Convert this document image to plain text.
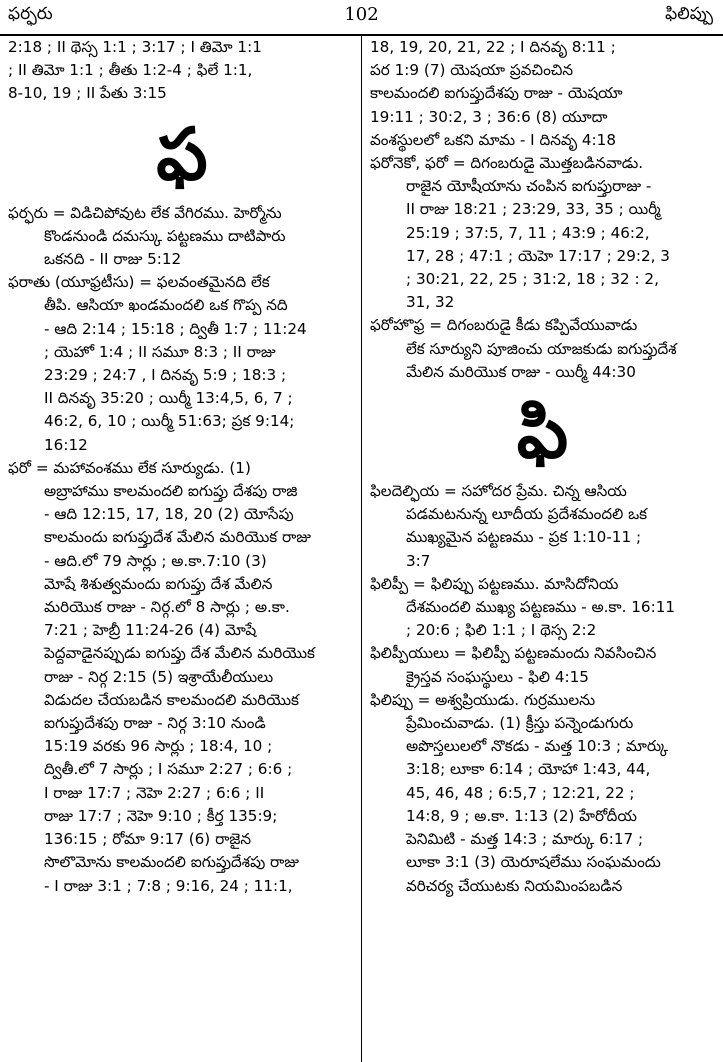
ఫర్ఫరు	102	ఫిలిప్పు
2:18 ; II థెస్స 1:1 ; 3:17 ; I తిమో 1:1
; II తిమో 1:1 ; తీతు 1:2-4 ; ఫిలే 1:1,
8-10, 19 ; II పేతు 3:15
ఫ
ఫర్ఫరు = విడిచిపోవుట లేక వేగిరము. హెర్మోను
కొండనుండి దమస్కు పట్టణము దాటిపారు
ఒకనది - II రాజు 5:12
ఫరాతు (యూఫ్రటీసు) = ఫలవంతమైనది లేక
తీపి. ఆసియా ఖండమందలి ఒక గొప్ప నది
- ఆది 2:14 ; 15:18 ; ద్వితీ 1:7 ; 11:24
; యెహో 1:4 ; II సమూ 8:3 ; II రాజు
23:29 ; 24:7 , I దినవృ 5:9 ; 18:3 ;
II దినవృ 35:20 ; యిర్మీ 13:4,5, 6, 7 ;
46:2, 6, 10 ; యిర్మీ 51:63; ప్రక 9:14;
16:12
ఫరో = మహావంశము లేక సూర్యుడు. (1)
అబ్రాహాము కాలమందలి ఐగుప్తు దేశపు రాజి
- ఆది 12:15, 17, 18, 20 (2) యోసేపు
కాలమందు ఐగుప్తుదేశ మేలిన మరియొక రాజు
- ఆది.లో 79 సార్లు ; అ.కా.7:10 (3)
మోషే శిశుత్వమందు ఐగుప్తు దేశ మేలిన
మరియొక రాజు - నిర్గ.లో 8 సార్లు ; అ.కా.
7:21 ; హెబ్రీ 11:24-26 (4) మోషే
పెద్దవాడైనప్పుడు ఐగుప్తు దేశ మేలిన మరియొక
రాజు - నిర్గ 2:15 (5) ఇశ్రాయేలీయులు
విడుదల చేయబడిన కాలమందలి మరియొక
ఐగుప్తుదేశపు రాజు - నిర్గ 3:10 నుండి
15:19 వరకు 96 సార్లు ; 18:4, 10 ;
ద్వితీ.లో 7 సార్లు ; I సమూ 2:27 ; 6:6 ;
I రాజు 17:7 ; నెహె 2:27 ; 6:6 ; II
రాజు 17:7 ; నెహె 9:10 ; కీర్త 135:9;
136:15 ; రోమా 9:17 (6) రాజైన
సొలొమోను కాలమందలి ఐగుప్తుదేశపు రాజు
- I రాజు 3:1 ; 7:8 ; 9:16, 24 ; 11:1,
18, 19, 20, 21, 22 ; I దినవృ 8:11 ;
పర 1:9 (7) యెషయా ప్రవచించిన
కాలమందలి ఐగుప్తుదేశపు రాజు - యెషయా
19:11 ; 30:2, 3 ; 36:6 (8) యూదా
వంశస్థులలో ఒకని మామ - I దినవృ 4:18
ఫరోనెకో, ఫరో = దిగంబరుడై మొత్తబడినవాడు.
రాజైన యోషీయాను చంపిన ఐగుప్తురాజు -
II రాజు 18:21 ; 23:29, 33, 35 ; యిర్మీ
25:19 ; 37:5, 7, 11 ; 43:9 ; 46:2,
17, 28 ; 47:1 ; యెహె 17:17 ; 29:2, 3
; 30:21, 22, 25 ; 31:2, 18 ; 32 : 2,
31, 32
ఫరోహొఫ్ర = దిగంబరుడై కీడు కప్పివేయువాడు
లేక సూర్యుని పూజించు యాజకుడు ఐగుప్తుదేశ
మేలిన మరియొక రాజు - యిర్మీ 44:30
ఫి
ఫిలదెల్ఫియ = సహోదర ప్రేమ. చిన్న ఆసియ
పడమటనున్న లూదీయ ప్రదేశమందలి ఒక
ముఖ్యమైన పట్టణము - ప్రక 1:10-11 ;
3:7
ఫిలిప్పీ = ఫిలిప్పు పట్టణము. మాసిదోనియ
దేశమందలి ముఖ్య పట్టణము - అ.కా. 16:11
; 20:6 ; ఫిలి 1:1 ; I థెస్స 2:2
ఫిలిప్పీయులు = ఫిలిప్పీ పట్టణమందు నివసించిన
క్రైస్తవ సంఘస్థులు - ఫిలి 4:15
ఫిలిప్పు = అశ్వప్రియుడు. గుర్రములను
ప్రేమించువాడు. (1) క్రీస్తు పన్నెండుగురు
అపొస్తలులలో నొకడు - మత్త 10:3 ; మార్కు
3:18; లూకా 6:14 ; యోహా 1:43, 44,
45, 46, 48 ; 6:5,7 ; 12:21, 22 ;
14:8, 9 ; అ.కా. 1:13 (2) హేరోదీయ
పెనిమిటి - మత్త 14:3 ; మార్కు 6:17 ;
లూకా 3:1 (3) యెరూషలేము సంఘమందు
వరిచర్య చేయుటకు నియమింపబడిన
